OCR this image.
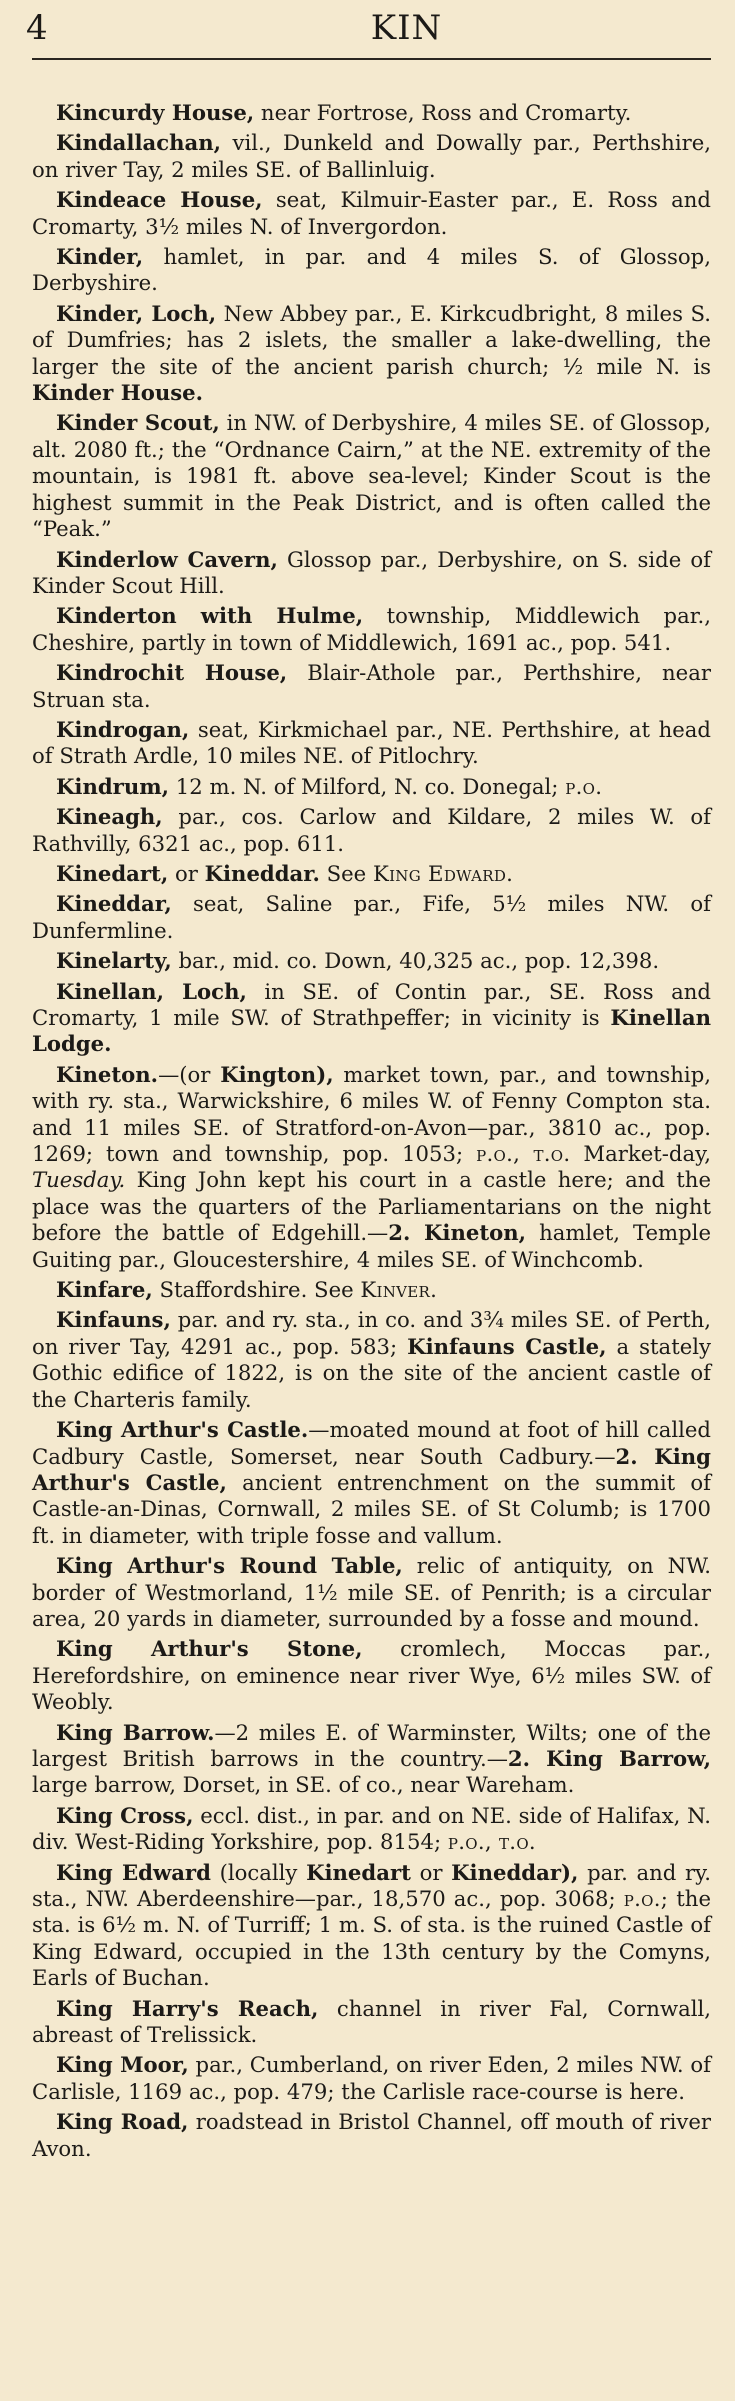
4	KIN

Kincurdy House, near Fortrose, Ross and Cromarty.

Kindallachan, vil., Dunkeld and Dowally par., Perthshire, on river Tay, 2 miles SE. of Ballinluig.

Kindeace House, seat, Kilmuir-Easter par., E. Ross and Cromarty, 3½ miles N. of Invergordon.

Kinder, hamlet, in par. and 4 miles S. of Glossop, Derbyshire.

Kinder, Loch, New Abbey par., E. Kirkcudbright, 8 miles S. of Dumfries; has 2 islets, the smaller a lake-dwelling, the larger the site of the ancient parish church; ½ mile N. is Kinder House.

Kinder Scout, in NW. of Derbyshire, 4 miles SE. of Glossop, alt. 2080 ft.; the “Ordnance Cairn,” at the NE. extremity of the mountain, is 1981 ft. above sea-level; Kinder Scout is the highest summit in the Peak District, and is often called the “Peak.”

Kinderlow Cavern, Glossop par., Derbyshire, on S. side of Kinder Scout Hill.

Kinderton with Hulme, township, Middlewich par., Cheshire, partly in town of Middlewich, 1691 ac., pop. 541.

Kindrochit House, Blair-Athole par., Perthshire, near Struan sta.

Kindrogan, seat, Kirkmichael par., NE. Perthshire, at head of Strath Ardle, 10 miles NE. of Pitlochry.

Kindrum, 12 m. N. of Milford, N. co. Donegal; p.o.

Kineagh, par., cos. Carlow and Kildare, 2 miles W. of Rathvilly, 6321 ac., pop. 611.

Kinedart, or Kineddar. See King Edward.

Kineddar, seat, Saline par., Fife, 5½ miles NW. of Dunfermline.

Kinelarty, bar., mid. co. Down, 40,325 ac., pop. 12,398.

Kinellan, Loch, in SE. of Contin par., SE. Ross and Cromarty, 1 mile SW. of Strathpeffer; in vicinity is Kinellan Lodge.

Kineton.—(or Kington), market town, par., and township, with ry. sta., Warwickshire, 6 miles W. of Fenny Compton sta. and 11 miles SE. of Stratford-on-Avon—par., 3810 ac., pop. 1269; town and township, pop. 1053; p.o., t.o. Market-day, Tuesday. King John kept his court in a castle here; and the place was the quarters of the Parliamentarians on the night before the battle of Edgehill.—2. Kineton, hamlet, Temple Guiting par., Gloucestershire, 4 miles SE. of Winchcomb.

Kinfare, Staffordshire. See Kinver.

Kinfauns, par. and ry. sta., in co. and 3¾ miles SE. of Perth, on river Tay, 4291 ac., pop. 583; Kinfauns Castle, a stately Gothic edifice of 1822, is on the site of the ancient castle of the Charteris family.

King Arthur's Castle.—moated mound at foot of hill called Cadbury Castle, Somerset, near South Cadbury.—2. King Arthur's Castle, ancient entrenchment on the summit of Castle-an-Dinas, Cornwall, 2 miles SE. of St Columb; is 1700 ft. in diameter, with triple fosse and vallum.

King Arthur's Round Table, relic of antiquity, on NW. border of Westmorland, 1½ mile SE. of Penrith; is a circular area, 20 yards in diameter, surrounded by a fosse and mound.

King Arthur's Stone, cromlech, Moccas par., Herefordshire, on eminence near river Wye, 6½ miles SW. of Weobly.

King Barrow.—2 miles E. of Warminster, Wilts; one of the largest British barrows in the country.—2. King Barrow, large barrow, Dorset, in SE. of co., near Wareham.

King Cross, eccl. dist., in par. and on NE. side of Halifax, N. div. West-Riding Yorkshire, pop. 8154; p.o., t.o.

King Edward (locally Kinedart or Kineddar), par. and ry. sta., NW. Aberdeenshire—par., 18,570 ac., pop. 3068; p.o.; the sta. is 6½ m. N. of Turriff; 1 m. S. of sta. is the ruined Castle of King Edward, occupied in the 13th century by the Comyns, Earls of Buchan.

King Harry's Reach, channel in river Fal, Cornwall, abreast of Trelissick.

King Moor, par., Cumberland, on river Eden, 2 miles NW. of Carlisle, 1169 ac., pop. 479; the Carlisle race-course is here.

King Road, roadstead in Bristol Channel, off mouth of river Avon.
